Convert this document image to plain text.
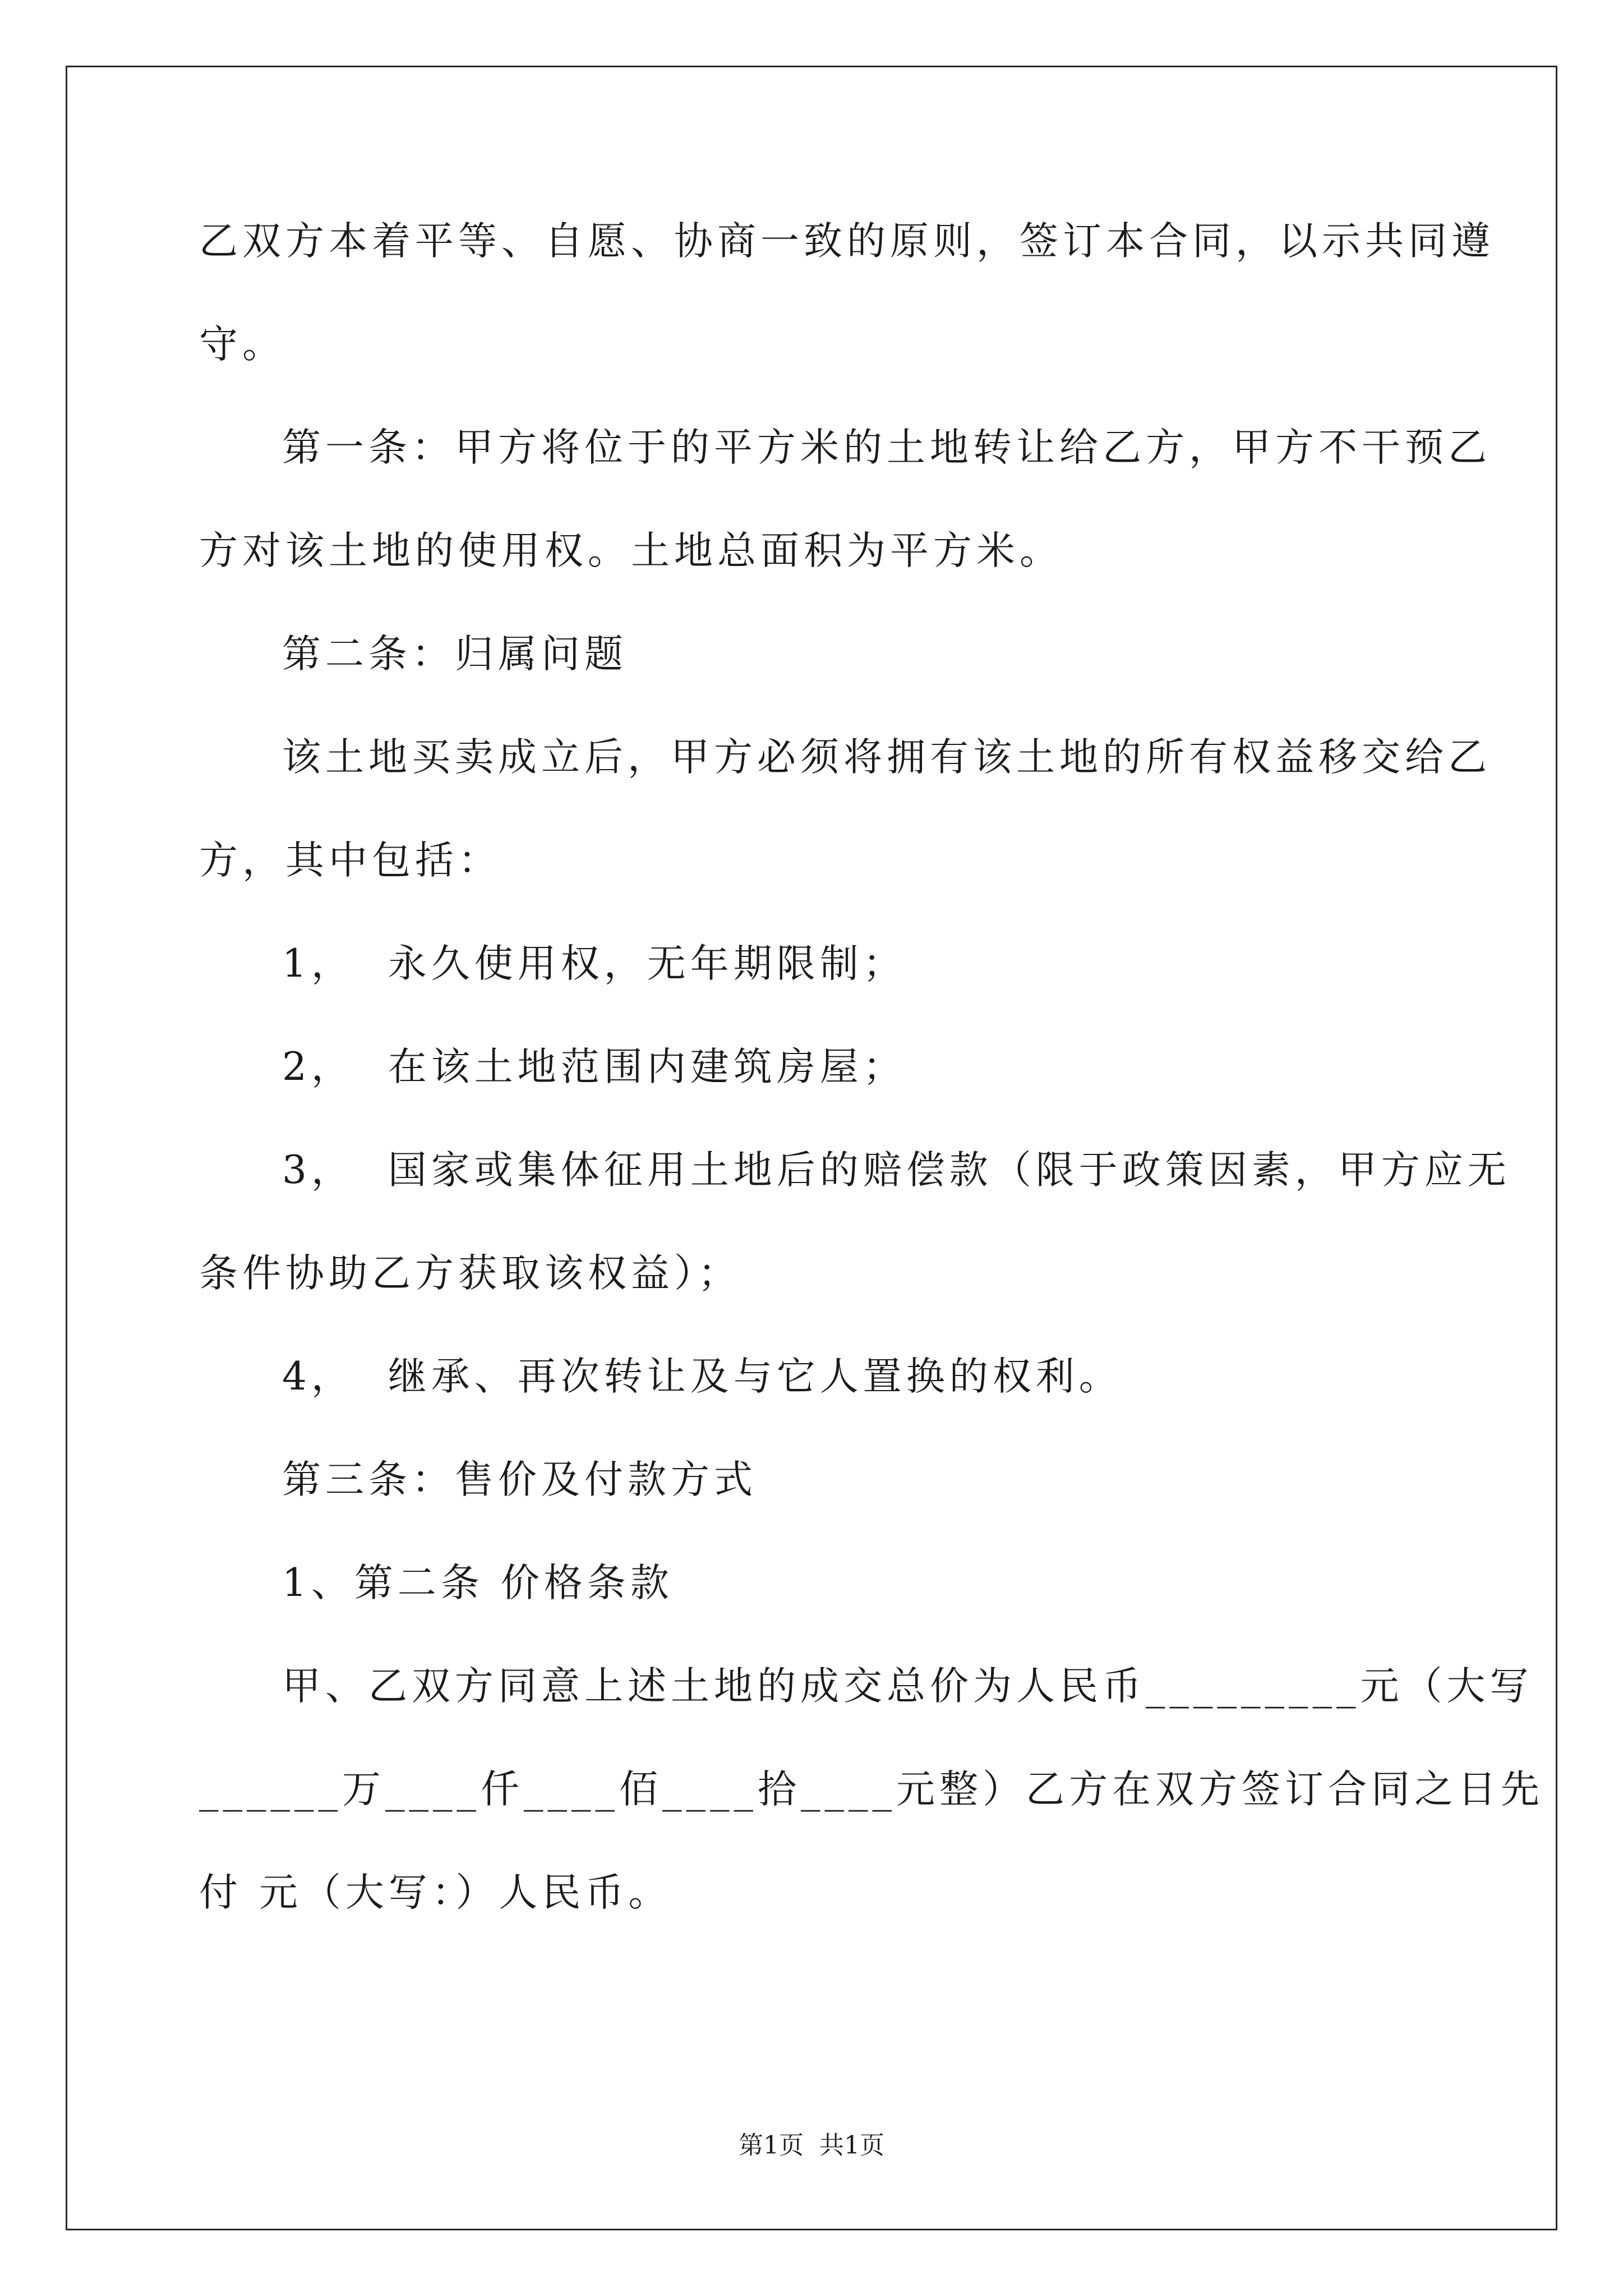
乙双方本着平等、自愿、协商一致的原则，签订本合同，以示共同遵
守。
第一条：甲方将位于的平方米的土地转让给乙方，甲方不干预乙
方对该土地的使用权。土地总面积为平方米。
第二条：归属问题
该土地买卖成立后，甲方必须将拥有该土地的所有权益移交给乙
方，其中包括：
1，  永久使用权，无年期限制；
2，  在该土地范围内建筑房屋；
3，  国家或集体征用土地后的赔偿款（限于政策因素，甲方应无
条件协助乙方获取该权益）；
4，  继承、再次转让及与它人置换的权利。
第三条：售价及付款方式
1、第二条 价格条款
甲、乙双方同意上述土地的成交总价为人民币_________元（大写
______万____仟____佰____拾____元整）乙方在双方签订合同之日先
付 元（大写：）人民币。
第1页  共1页
